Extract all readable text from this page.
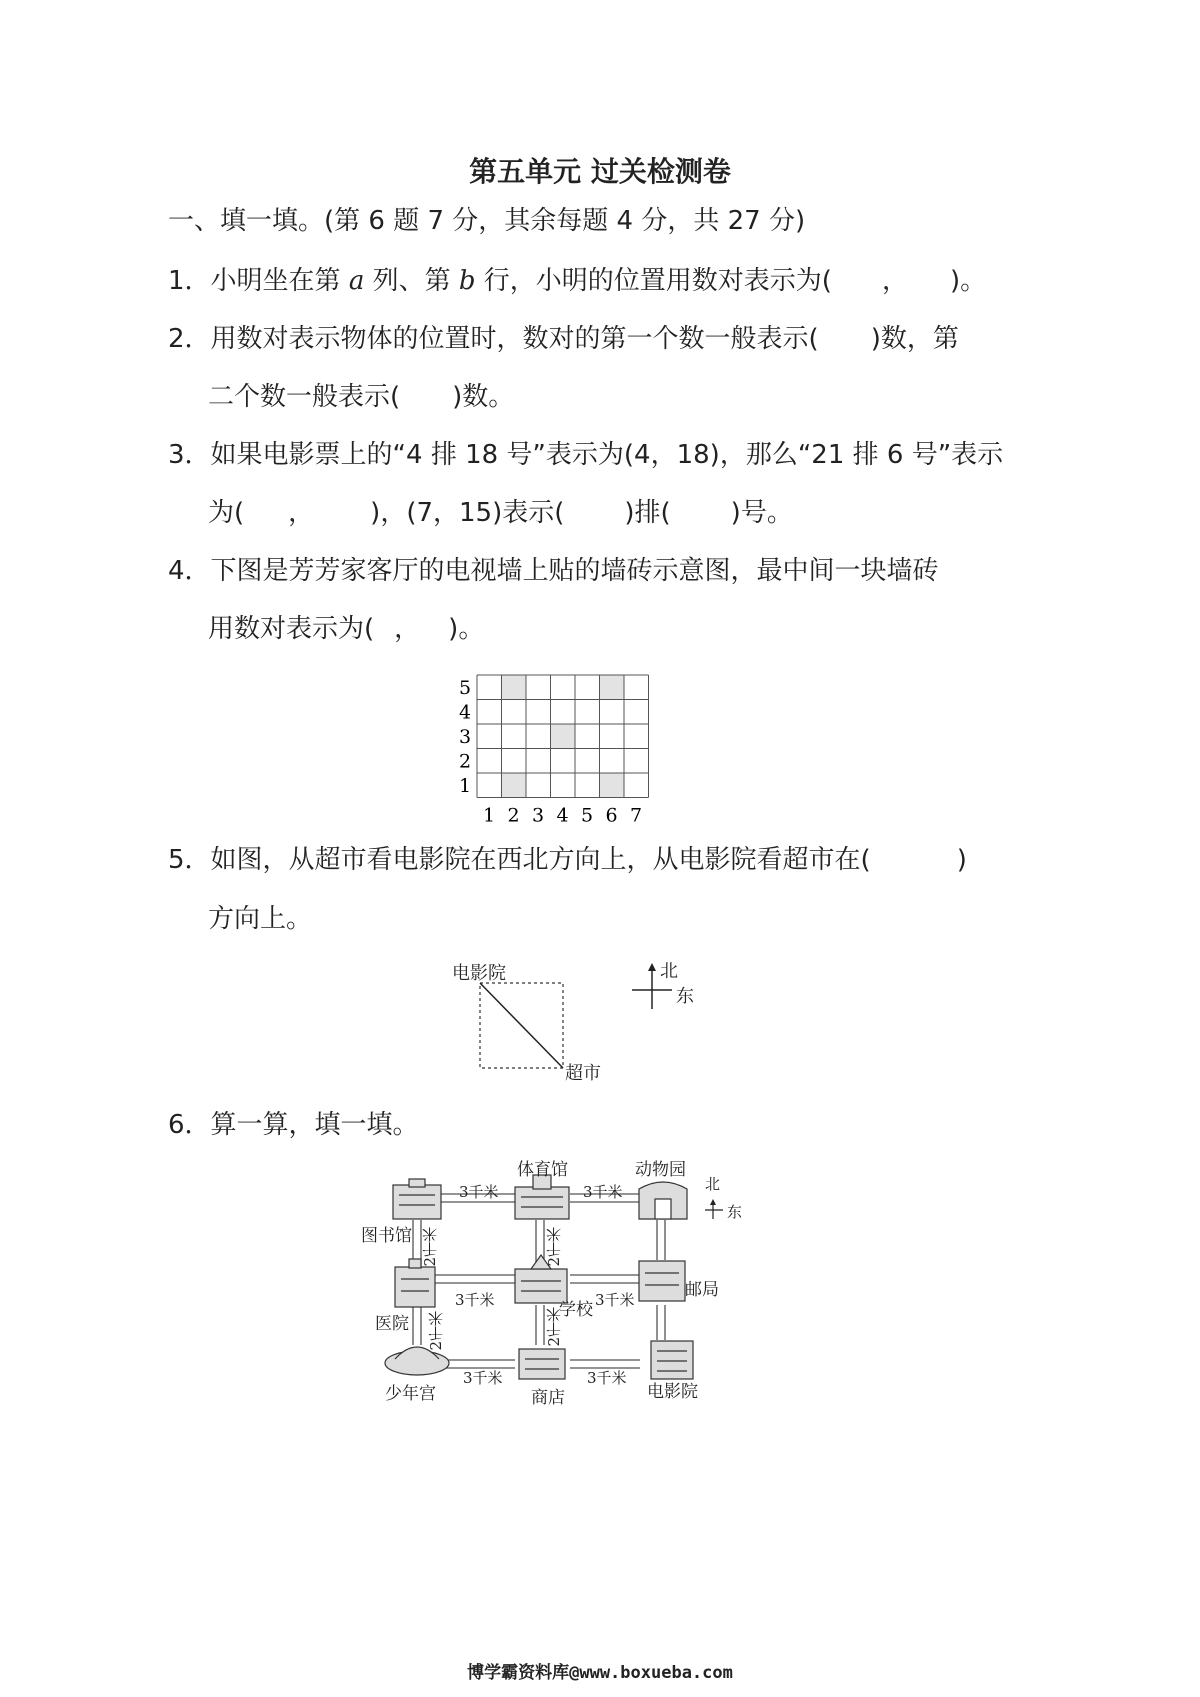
第五单元 过关检测卷
一、填一填。(第 6 题 7 分，其余每题 4 分，共 27 分)
1．小明坐在第 a 列、第 b 行，小明的位置用数对表示为( ， )。
2．用数对表示物体的位置时，数对的第一个数一般表示( )数，第
二个数一般表示( )数。
3．如果电影票上的“4 排 18 号”表示为(4，18)，那么“21 排 6 号”表示
为( ， )，(7，15)表示( )排( )号。
4．下图是芳芳家客厅的电视墙上贴的墙砖示意图，最中间一块墙砖
用数对表示为( ， )。
5
4
3
2
1
1 2 3 4 5 6 7
5．如图，从超市看电影院在西北方向上，从电影院看超市在(	)
方向上。
电影院
超市
北
东
6．算一算，填一填。
体育馆	动物园
图书馆
医院
学校
邮局
少年宫	商店	电影院
3千米	3千米
3千米	3千米
3千米	3千米
2千米	2千米
2千米	2千米
北
东
博学霸资料库@www.boxueba.com
